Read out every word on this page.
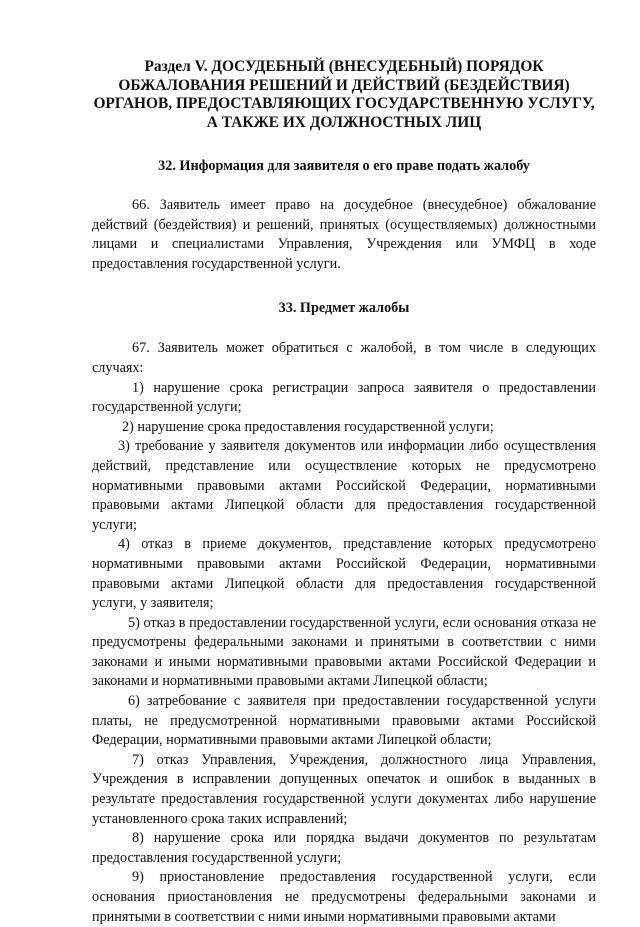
Раздел V. ДОСУДЕБНЫЙ (ВНЕСУДЕБНЫЙ) ПОРЯДОК

ОБЖАЛОВАНИЯ РЕШЕНИЙ И ДЕЙСТВИЙ (БЕЗДЕЙСТВИЯ)

ОРГАНОВ, ПРЕДОСТАВЛЯЮЩИХ ГОСУДАРСТВЕННУЮ УСЛУГУ,

А ТАКЖЕ ИХ ДОЛЖНОСТНЫХ ЛИЦ

32. Информация для заявителя о его праве подать жалобу

66. Заявитель имеет право на досудебное (внесудебное) обжалование действий (бездействия) и решений, принятых (осуществляемых) должностными лицами и специалистами Управления, Учреждения или УМФЦ в ходе предоставления государственной услуги.

33. Предмет жалобы

67. Заявитель может обратиться с жалобой, в том числе в следующих случаях:

1) нарушение срока регистрации запроса заявителя о предоставлении государственной услуги;

2) нарушение срока предоставления государственной услуги;

3) требование у заявителя документов или информации либо осуществления действий, представление или осуществление которых не предусмотрено нормативными правовыми актами Российской Федерации, нормативными правовыми актами Липецкой области для предоставления государственной услуги;

4) отказ в приеме документов, представление которых предусмотрено нормативными правовыми актами Российской Федерации, нормативными правовыми актами Липецкой области для предоставления государственной услуги, у заявителя;

5) отказ в предоставлении государственной услуги, если основания отказа не предусмотрены федеральными законами и принятыми в соответствии с ними законами и иными нормативными правовыми актами Российской Федерации и законами и нормативными правовыми актами Липецкой области;

6) затребование с заявителя при предоставлении государственной услуги платы, не предусмотренной нормативными правовыми актами Российской Федерации, нормативными правовыми актами Липецкой области;

7) отказ Управления, Учреждения, должностного лица Управления, Учреждения в исправлении допущенных опечаток и ошибок в выданных в результате предоставления государственной услуги документах либо нарушение установленного срока таких исправлений;

8) нарушение срока или порядка выдачи документов по результатам предоставления государственной услуги;

9) приостановление предоставления государственной услуги, если основания приостановления не предусмотрены федеральными законами и принятыми в соответствии с ними иными нормативными правовыми актами
